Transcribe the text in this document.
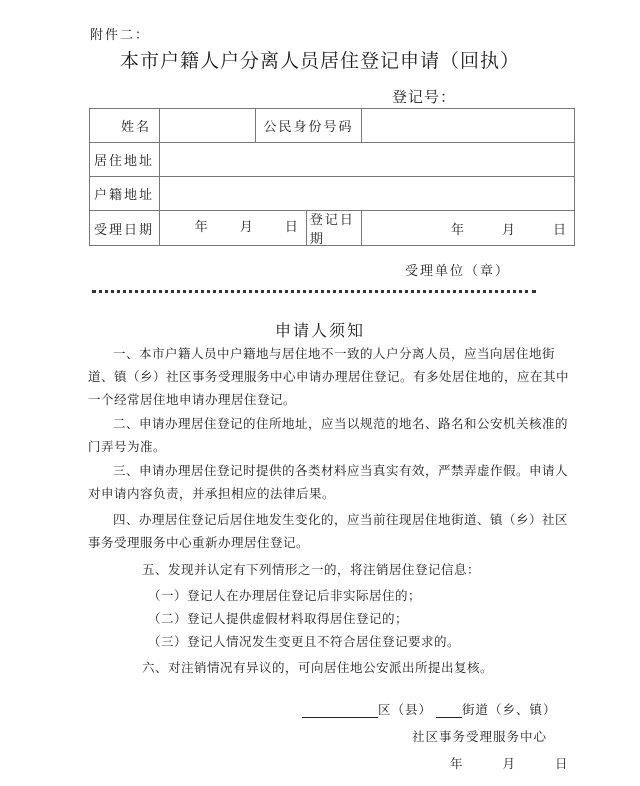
附件二：
本市户籍人户分离人员居住登记申请（回执）
登记号：
姓名		公民身份号码	
居住地址			
户籍地址			
受理日期	年 月 日 登记日期		年 月 日
受理单位（章）
申请人须知
一、本市户籍人员中户籍地与居住地不一致的人户分离人员，应当向居住地街道、镇（乡）社区事务受理服务中心申请办理居住登记。有多处居住地的，应在其中一个经常居住地申请办理居住登记。
二、申请办理居住登记的住所地址，应当以规范的地名、路名和公安机关核准的门弄号为准。
三、申请办理居住登记时提供的各类材料应当真实有效，严禁弄虚作假。申请人对申请内容负责，并承担相应的法律后果。
四、办理居住登记后居住地发生变化的，应当前往现居住地街道、镇（乡）社区事务受理服务中心重新办理居住登记。
五、发现并认定有下列情形之一的，将注销居住登记信息：
（一）登记人在办理居住登记后非实际居住的；
（二）登记人提供虚假材料取得居住登记的；
（三）登记人情况发生变更且不符合居住登记要求的。
六、对注销情况有异议的，可向居住地公安派出所提出复核。
区（县） 街道（乡、镇）
社区事务受理服务中心
年	月	日
